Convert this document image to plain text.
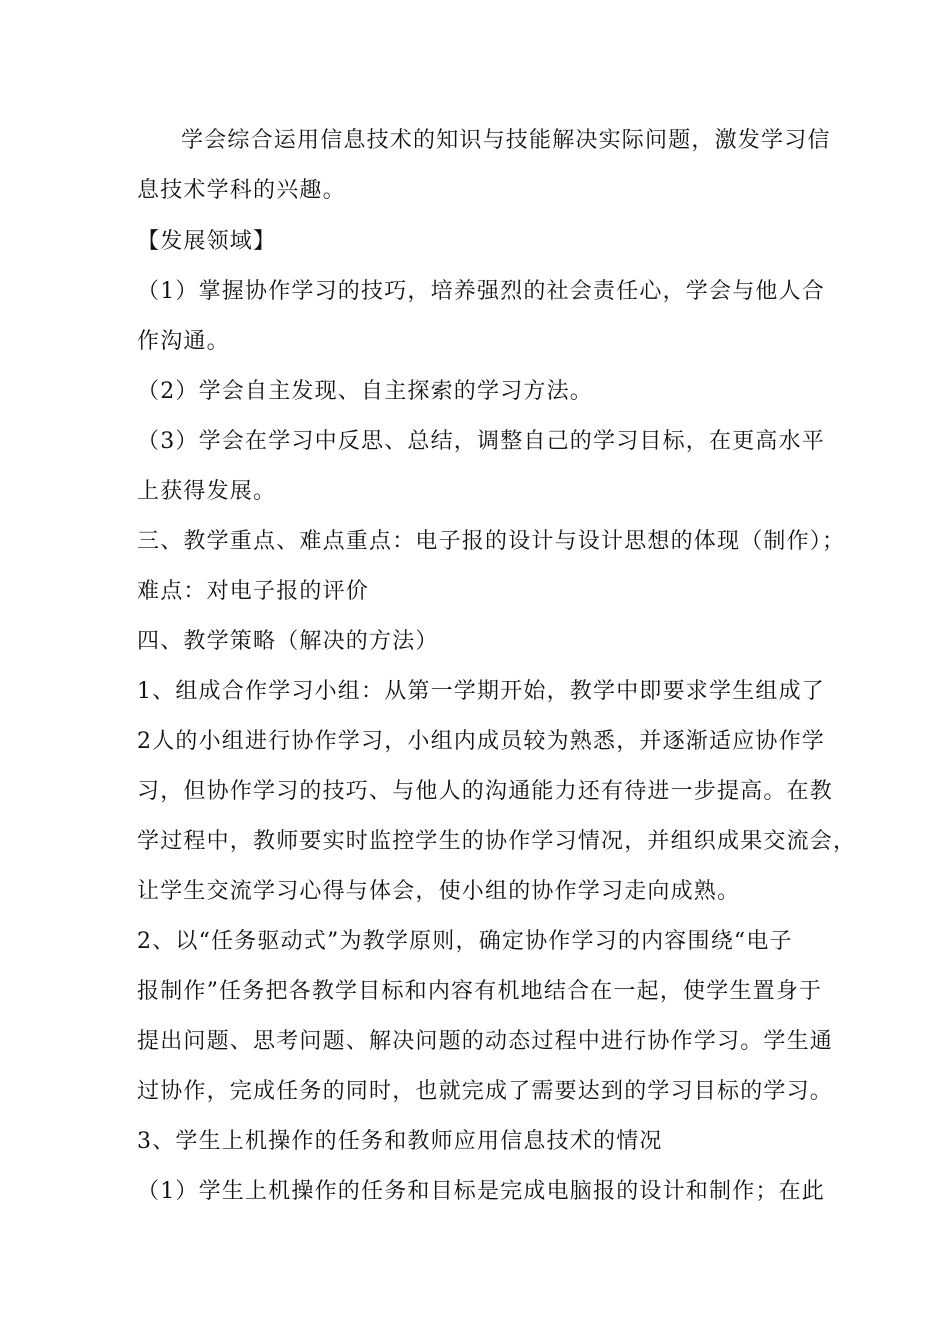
学会综合运用信息技术的知识与技能解决实际问题，激发学习信
息技术学科的兴趣。
【发展领域】
（1）掌握协作学习的技巧，培养强烈的社会责任心，学会与他人合
作沟通。
（2）学会自主发现、自主探索的学习方法。
（3）学会在学习中反思、总结，调整自己的学习目标，在更高水平
上获得发展。
三、教学重点、难点重点：电子报的设计与设计思想的体现（制作）；
难点：对电子报的评价
四、教学策略（解决的方法）
1、组成合作学习小组：从第一学期开始，教学中即要求学生组成了
2人的小组进行协作学习，小组内成员较为熟悉，并逐渐适应协作学
习，但协作学习的技巧、与他人的沟通能力还有待进一步提高。在教
学过程中，教师要实时监控学生的协作学习情况，并组织成果交流会，
让学生交流学习心得与体会，使小组的协作学习走向成熟。
2、以“任务驱动式”为教学原则，确定协作学习的内容围绕“电子
报制作”任务把各教学目标和内容有机地结合在一起，使学生置身于
提出问题、思考问题、解决问题的动态过程中进行协作学习。学生通
过协作，完成任务的同时，也就完成了需要达到的学习目标的学习。
3、学生上机操作的任务和教师应用信息技术的情况
（1）学生上机操作的任务和目标是完成电脑报的设计和制作；在此
